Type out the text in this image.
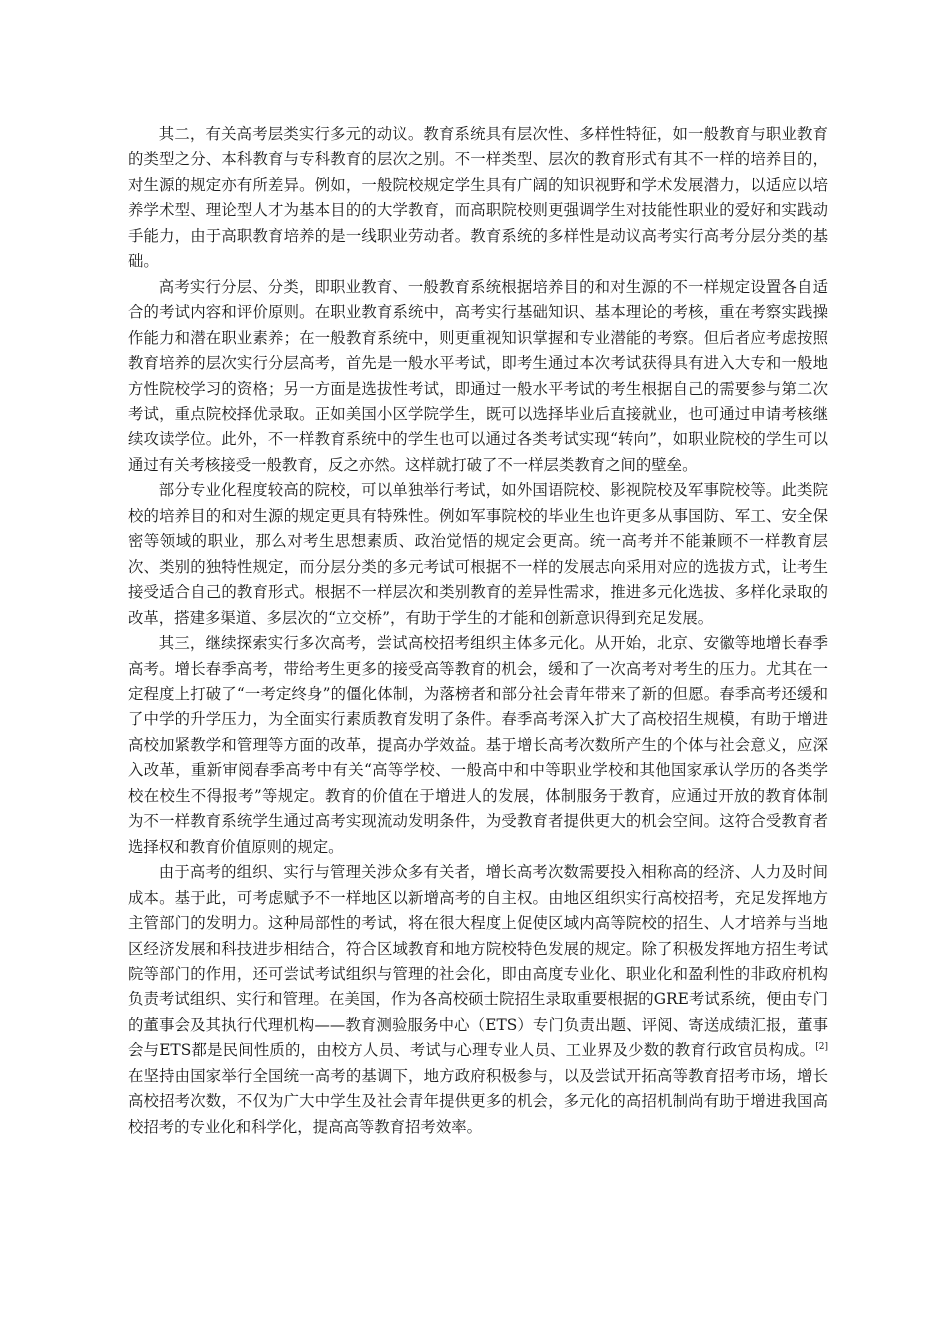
其二，有关高考层类实行多元的动议。教育系统具有层次性、多样性特征，如一般教育与职业教育的类型之分、本科教育与专科教育的层次之别。不一样类型、层次的教育形式有其不一样的培养目的，对生源的规定亦有所差异。例如，一般院校规定学生具有广阔的知识视野和学术发展潜力，以适应以培养学术型、理论型人才为基本目的的大学教育，而高职院校则更强调学生对技能性职业的爱好和实践动手能力，由于高职教育培养的是一线职业劳动者。教育系统的多样性是动议高考实行高考分层分类的基础。

高考实行分层、分类，即职业教育、一般教育系统根据培养目的和对生源的不一样规定设置各自适合的考试内容和评价原则。在职业教育系统中，高考实行基础知识、基本理论的考核，重在考察实践操作能力和潜在职业素养；在一般教育系统中，则更重视知识掌握和专业潜能的考察。但后者应考虑按照教育培养的层次实行分层高考，首先是一般水平考试，即考生通过本次考试获得具有进入大专和一般地方性院校学习的资格；另一方面是选拔性考试，即通过一般水平考试的考生根据自己的需要参与第二次考试，重点院校择优录取。正如美国小区学院学生，既可以选择毕业后直接就业，也可通过申请考核继续攻读学位。此外，不一样教育系统中的学生也可以通过各类考试实现“转向”，如职业院校的学生可以通过有关考核接受一般教育，反之亦然。这样就打破了不一样层类教育之间的壁垒。

部分专业化程度较高的院校，可以单独举行考试，如外国语院校、影视院校及军事院校等。此类院校的培养目的和对生源的规定更具有特殊性。例如军事院校的毕业生也许更多从事国防、军工、安全保密等领域的职业，那么对考生思想素质、政治觉悟的规定会更高。统一高考并不能兼顾不一样教育层次、类别的独特性规定，而分层分类的多元考试可根据不一样的发展志向采用对应的选拔方式，让考生接受适合自己的教育形式。根据不一样层次和类别教育的差异性需求，推进多元化选拔、多样化录取的改革，搭建多渠道、多层次的“立交桥”，有助于学生的才能和创新意识得到充足发展。

其三，继续探索实行多次高考，尝试高校招考组织主体多元化。从开始，北京、安徽等地增长春季高考。增长春季高考，带给考生更多的接受高等教育的机会，缓和了一次高考对考生的压力。尤其在一定程度上打破了“一考定终身”的僵化体制，为落榜者和部分社会青年带来了新的但愿。春季高考还缓和了中学的升学压力，为全面实行素质教育发明了条件。春季高考深入扩大了高校招生规模，有助于增进高校加紧教学和管理等方面的改革，提高办学效益。基于增长高考次数所产生的个体与社会意义，应深入改革，重新审阅春季高考中有关“高等学校、一般高中和中等职业学校和其他国家承认学历的各类学校在校生不得报考”等规定。教育的价值在于增进人的发展，体制服务于教育，应通过开放的教育体制为不一样教育系统学生通过高考实现流动发明条件，为受教育者提供更大的机会空间。这符合受教育者选择权和教育价值原则的规定。

由于高考的组织、实行与管理关涉众多有关者，增长高考次数需要投入相称高的经济、人力及时间成本。基于此，可考虑赋予不一样地区以新增高考的自主权。由地区组织实行高校招考，充足发挥地方主管部门的发明力。这种局部性的考试，将在很大程度上促使区域内高等院校的招生、人才培养与当地区经济发展和科技进步相结合，符合区域教育和地方院校特色发展的规定。除了积极发挥地方招生考试院等部门的作用，还可尝试考试组织与管理的社会化，即由高度专业化、职业化和盈利性的非政府机构负责考试组织、实行和管理。在美国，作为各高校硕士院招生录取重要根据的GRE考试系统，便由专门的董事会及其执行代理机构——教育测验服务中心（ETS）专门负责出题、评阅、寄送成绩汇报，董事会与ETS都是民间性质的，由校方人员、考试与心理专业人员、工业界及少数的教育行政官员构成。[2]在坚持由国家举行全国统一高考的基调下，地方政府积极参与，以及尝试开拓高等教育招考市场，增长高校招考次数，不仅为广大中学生及社会青年提供更多的机会，多元化的高招机制尚有助于增进我国高校招考的专业化和科学化，提高高等教育招考效率。
